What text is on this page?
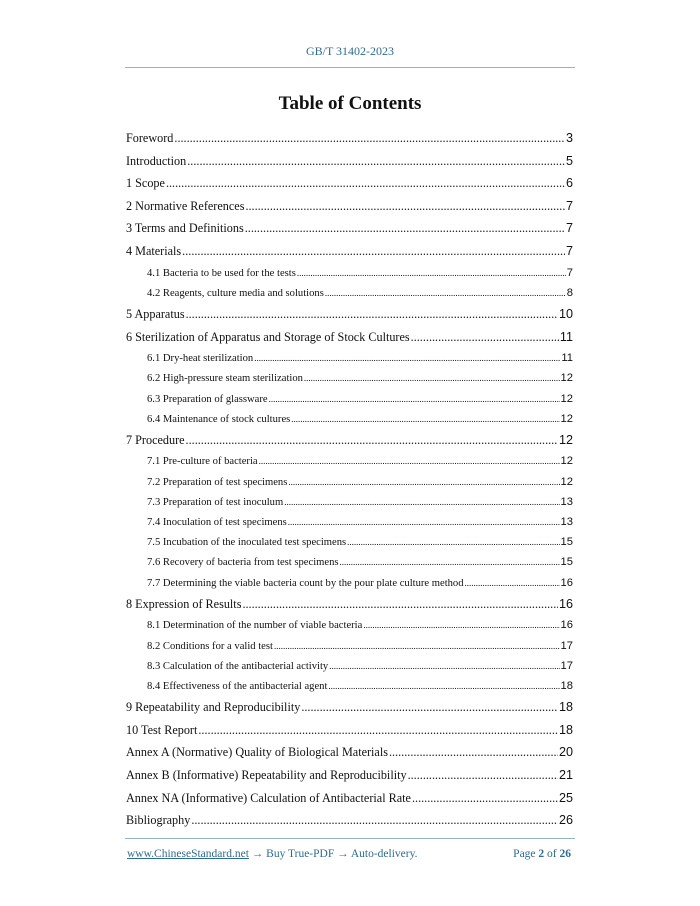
GB/T 31402-2023
Table of Contents
Foreword .....	3
Introduction .....	5
1 Scope .....	6
2 Normative References .....	7
3 Terms and Definitions .....	7
4 Materials .....	7
4.1 Bacteria to be used for the tests .....	7
4.2 Reagents, culture media and solutions .....	8
5 Apparatus .....	10
6 Sterilization of Apparatus and Storage of Stock Cultures .....	11
6.1 Dry-heat sterilization .....	11
6.2 High-pressure steam sterilization .....	12
6.3 Preparation of glassware .....	12
6.4 Maintenance of stock cultures .....	12
7 Procedure .....	12
7.1 Pre-culture of bacteria .....	12
7.2 Preparation of test specimens .....	12
7.3 Preparation of test inoculum .....	13
7.4 Inoculation of test specimens .....	13
7.5 Incubation of the inoculated test specimens .....	15
7.6 Recovery of bacteria from test specimens .....	15
7.7 Determining the viable bacteria count by the pour plate culture method .....	16
8 Expression of Results .....	16
8.1 Determination of the number of viable bacteria .....	16
8.2 Conditions for a valid test .....	17
8.3 Calculation of the antibacterial activity .....	17
8.4 Effectiveness of the antibacterial agent .....	18
9 Repeatability and Reproducibility .....	18
10 Test Report .....	18
Annex A (Normative) Quality of Biological Materials .....	20
Annex B (Informative) Repeatability and Reproducibility .....	21
Annex NA (Informative) Calculation of Antibacterial Rate .....	25
Bibliography .....	26
www.ChineseStandard.net → Buy True-PDF → Auto-delivery.	Page 2 of 26
